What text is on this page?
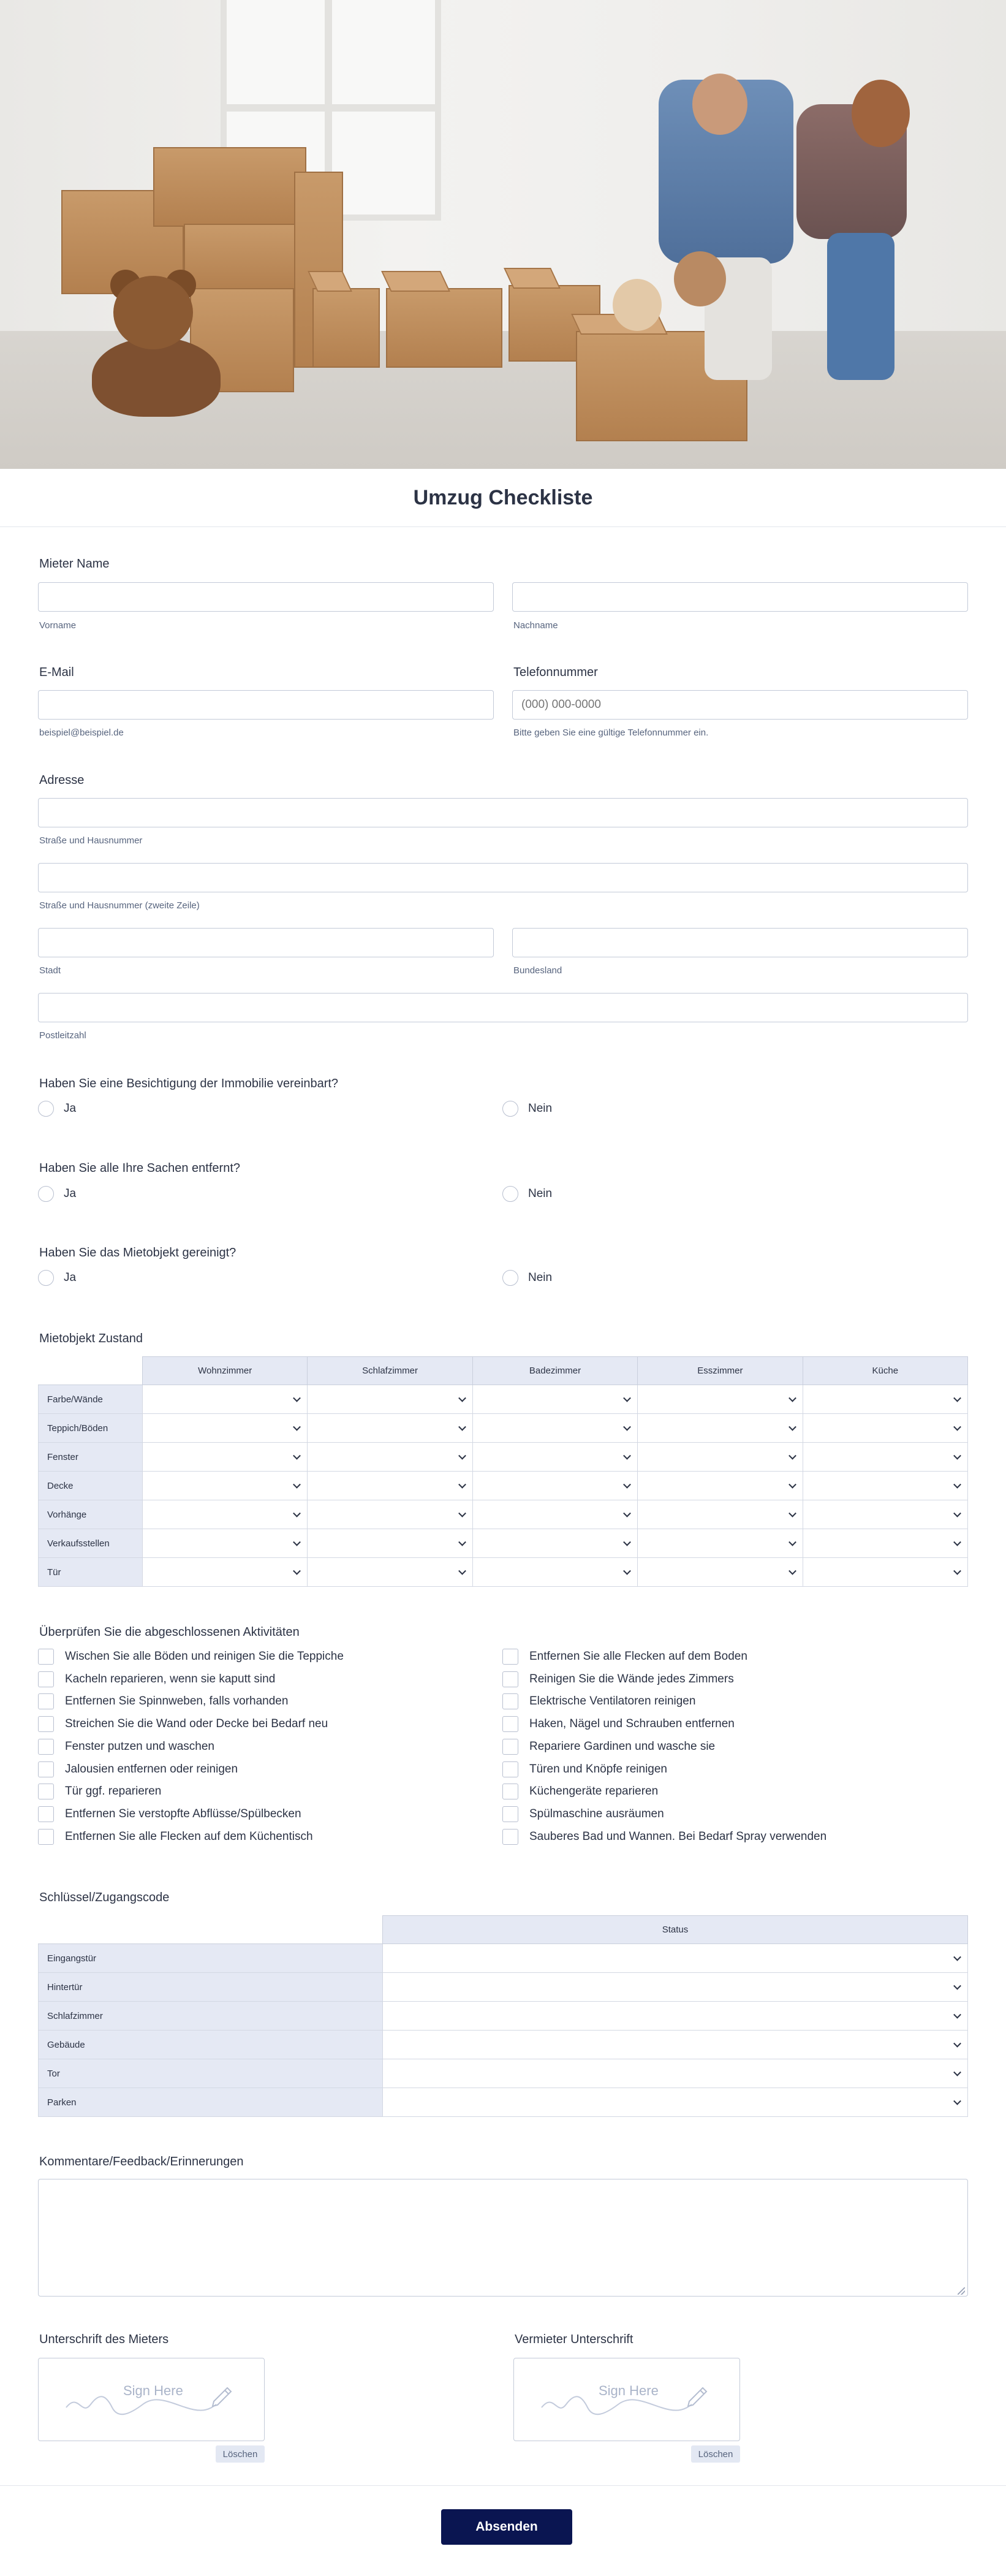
Umzug Checkliste
Mieter Name
Vorname	Nachname
E-Mail
beispiel@beispiel.de
Telefonnummer
(000) 000-0000
Bitte geben Sie eine gültige Telefonnummer ein.
Adresse
Straße und Hausnummer
Straße und Hausnummer (zweite Zeile)
Stadt	Bundesland
Postleitzahl
Haben Sie eine Besichtigung der Immobilie vereinbart?
Ja	Nein
Haben Sie alle Ihre Sachen entfernt?
Ja	Nein
Haben Sie das Mietobjekt gereinigt?
Ja	Nein
Mietobjekt Zustand
	Wohnzimmer	Schlafzimmer	Badezimmer	Esszimmer	Küche
Farbe/Wände	

Teppich/Böden	

Fenster	

Decke	

Vorhänge	

Verkaufsstellen	

Tür	

Überprüfen Sie die abgeschlossenen Aktivitäten
Wischen Sie alle Böden und reinigen Sie die Teppiche
Kacheln reparieren, wenn sie kaputt sind
Entfernen Sie Spinnweben, falls vorhanden
Streichen Sie die Wand oder Decke bei Bedarf neu
Fenster putzen und waschen
Jalousien entfernen oder reinigen
Tür ggf. reparieren
Entfernen Sie verstopfte Abflüsse/Spülbecken
Entfernen Sie alle Flecken auf dem Küchentisch
Entfernen Sie alle Flecken auf dem Boden
Reinigen Sie die Wände jedes Zimmers
Elektrische Ventilatoren reinigen
Haken, Nägel und Schrauben entfernen
Repariere Gardinen und wasche sie
Türen und Knöpfe reinigen
Küchengeräte reparieren
Spülmaschine ausräumen
Sauberes Bad und Wannen. Bei Bedarf Spray verwenden
Schlüssel/Zugangscode
	Status
Eingangstür	

Hintertür	

Schlafzimmer	

Gebäude	

Tor	

Parken	
Kommentare/Feedback/Erinnerungen
Unterschrift des Mieters
Sign Here
Löschen
Vermieter Unterschrift
Sign Here
Löschen
Absenden
